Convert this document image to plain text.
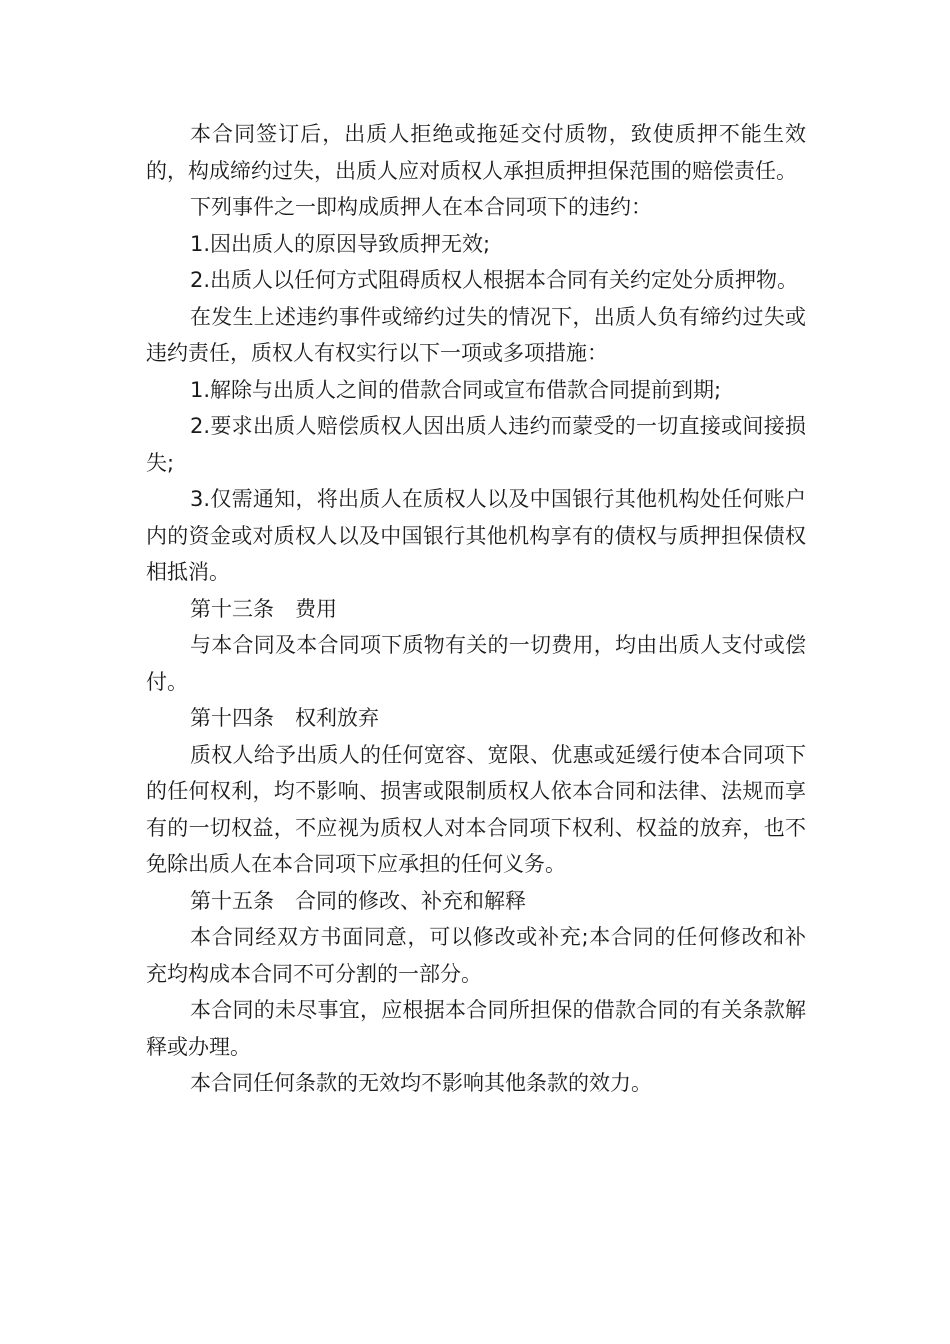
本合同签订后，出质人拒绝或拖延交付质物，致使质押不能生效的，构成缔约过失，出质人应对质权人承担质押担保范围的赔偿责任。

下列事件之一即构成质押人在本合同项下的违约：

1.因出质人的原因导致质押无效;

2.出质人以任何方式阻碍质权人根据本合同有关约定处分质押物。

在发生上述违约事件或缔约过失的情况下，出质人负有缔约过失或违约责任，质权人有权实行以下一项或多项措施：

1.解除与出质人之间的借款合同或宣布借款合同提前到期;

2.要求出质人赔偿质权人因出质人违约而蒙受的一切直接或间接损失;

3.仅需通知，将出质人在质权人以及中国银行其他机构处任何账户内的资金或对质权人以及中国银行其他机构享有的债权与质押担保债权相抵消。

第十三条　费用

与本合同及本合同项下质物有关的一切费用，均由出质人支付或偿付。

第十四条　权利放弃

质权人给予出质人的任何宽容、宽限、优惠或延缓行使本合同项下的任何权利，均不影响、损害或限制质权人依本合同和法律、法规而享有的一切权益，不应视为质权人对本合同项下权利、权益的放弃，也不免除出质人在本合同项下应承担的任何义务。

第十五条　合同的修改、补充和解释

本合同经双方书面同意，可以修改或补充;本合同的任何修改和补充均构成本合同不可分割的一部分。

本合同的未尽事宜，应根据本合同所担保的借款合同的有关条款解释或办理。

本合同任何条款的无效均不影响其他条款的效力。
